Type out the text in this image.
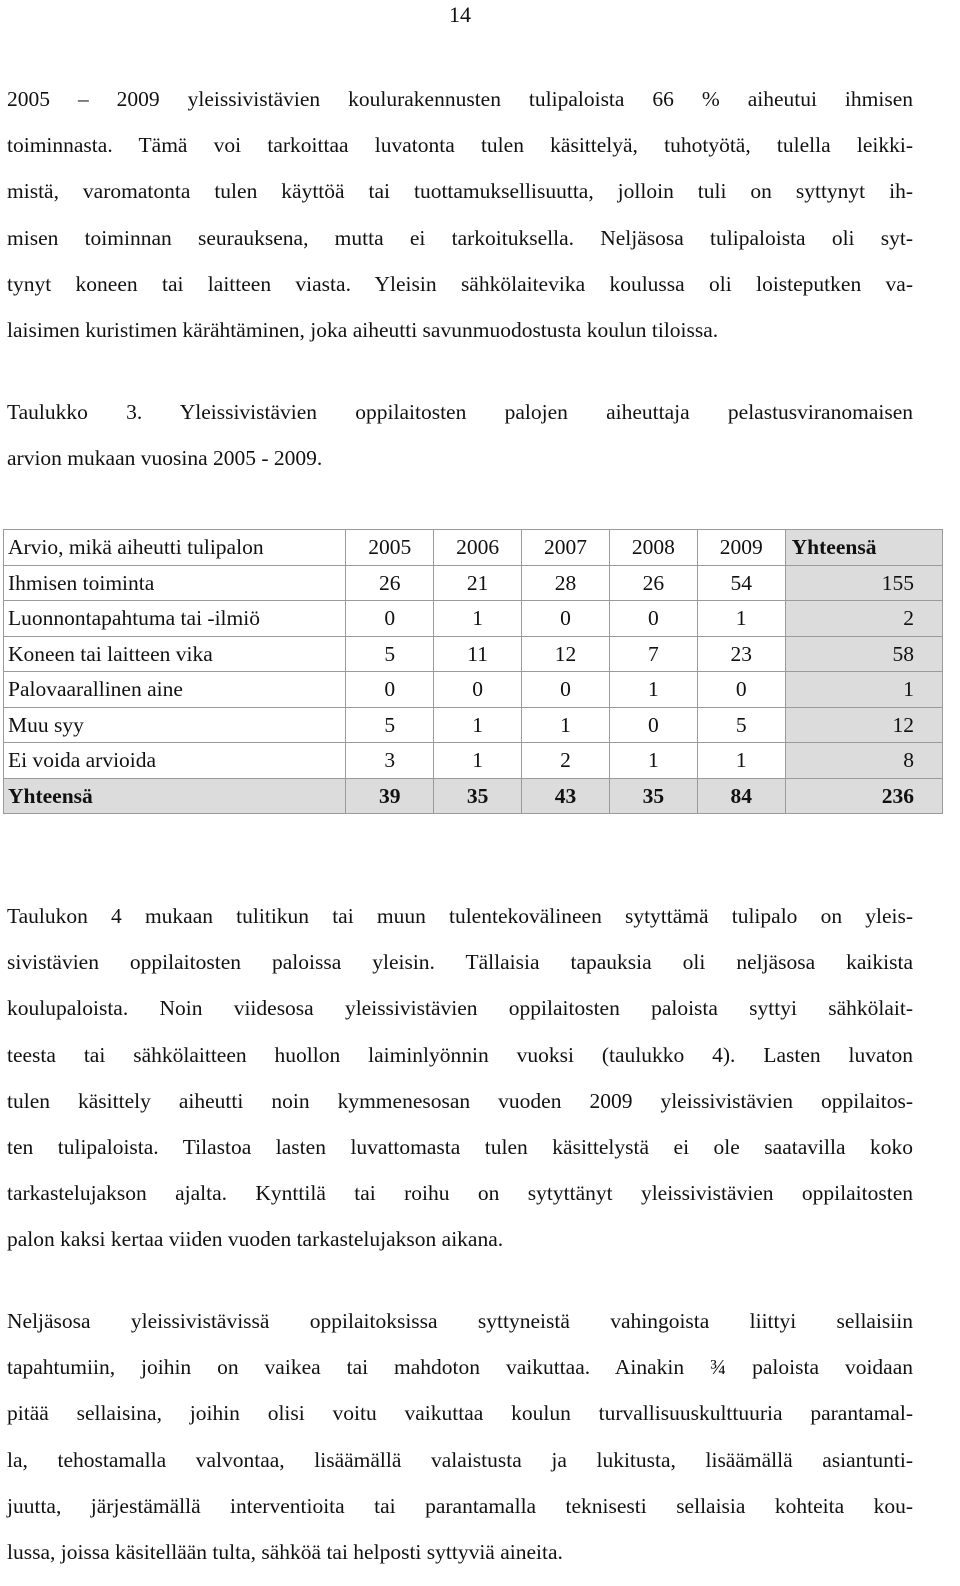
14

2005 – 2009 yleissivistävien koulurakennusten tulipaloista 66 % aiheutui ihmisen
toiminnasta. Tämä voi tarkoittaa luvatonta tulen käsittelyä, tuhotyötä, tulella leikki-
mistä, varomatonta tulen käyttöä tai tuottamuksellisuutta, jolloin tuli on syttynyt ih-
misen toiminnan seurauksena, mutta ei tarkoituksella. Neljäsosa tulipaloista oli syt-
tynyt koneen tai laitteen viasta. Yleisin sähkölaitevika koulussa oli loisteputken va-
laisimen kuristimen kärähtäminen, joka aiheutti savunmuodostusta koulun tiloissa.

Taulukko 3. Yleissivistävien oppilaitosten palojen aiheuttaja pelastusviranomaisen
arvion mukaan vuosina 2005 - 2009.

Arvio, mikä aiheutti tulipalon	2005	2006	2007	2008	2009	Yhteensä
Ihmisen toiminta	26	21	28	26	54	155
Luonnontapahtuma tai -ilmiö	0	1	0	0	1	2
Koneen tai laitteen vika	5	11	12	7	23	58
Palovaarallinen aine	0	0	0	1	0	1
Muu syy	5	1	1	0	5	12
Ei voida arvioida	3	1	2	1	1	8
Yhteensä	39	35	43	35	84	236

Taulukon 4 mukaan tulitikun tai muun tulentekovälineen sytyttämä tulipalo on yleis-
sivistävien oppilaitosten paloissa yleisin. Tällaisia tapauksia oli neljäsosa kaikista
koulupaloista. Noin viidesosa yleissivistävien oppilaitosten paloista syttyi sähkölait-
teesta tai sähkölaitteen huollon laiminlyönnin vuoksi (taulukko 4). Lasten luvaton
tulen käsittely aiheutti noin kymmenesosan vuoden 2009 yleissivistävien oppilaitos-
ten tulipaloista. Tilastoa lasten luvattomasta tulen käsittelystä ei ole saatavilla koko
tarkastelujakson ajalta. Kynttilä tai roihu on sytyttänyt yleissivistävien oppilaitosten
palon kaksi kertaa viiden vuoden tarkastelujakson aikana.

Neljäsosa yleissivistävissä oppilaitoksissa syttyneistä vahingoista liittyi sellaisiin
tapahtumiin, joihin on vaikea tai mahdoton vaikuttaa. Ainakin ¾ paloista voidaan
pitää sellaisina, joihin olisi voitu vaikuttaa koulun turvallisuuskulttuuria parantamal-
la, tehostamalla valvontaa, lisäämällä valaistusta ja lukitusta, lisäämällä asiantunti-
juutta, järjestämällä interventioita tai parantamalla teknisesti sellaisia kohteita kou-
lussa, joissa käsitellään tulta, sähköä tai helposti syttyviä aineita.
